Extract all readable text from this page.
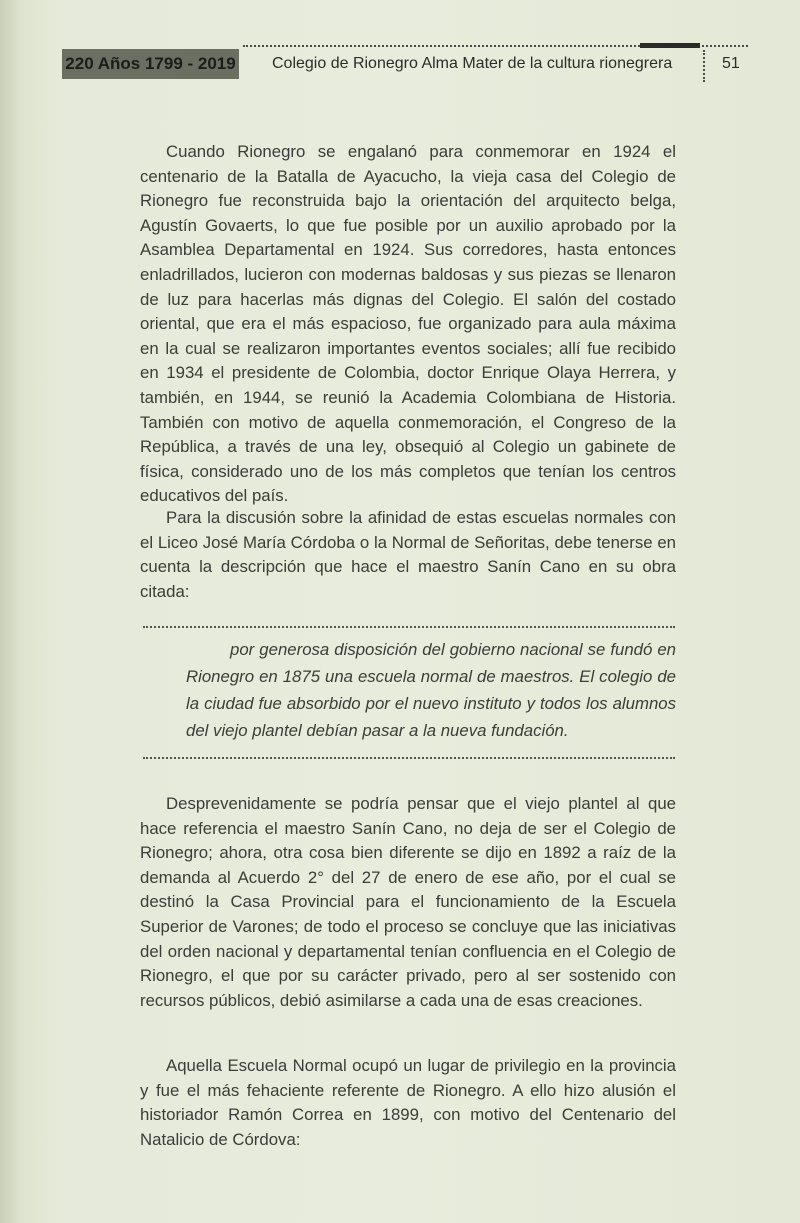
220 Años 1799 - 2019 Colegio de Rionegro Alma Mater de la cultura rionegrera	51

Cuando Rionegro se engalanó para conmemorar en 1924 el centenario de la Batalla de Ayacucho, la vieja casa del Colegio de Rionegro fue reconstruida bajo la orientación del arquitecto belga, Agustín Govaerts, lo que fue posible por un auxilio aprobado por la Asamblea Departamental en 1924. Sus corredores, hasta entonces enladrillados, lucieron con modernas baldosas y sus piezas se llenaron de luz para hacerlas más dignas del Colegio. El salón del costado oriental, que era el más espacioso, fue organizado para aula máxima en la cual se realizaron importantes eventos sociales; allí fue recibido en 1934 el presidente de Colombia, doctor Enrique Olaya Herrera, y también, en 1944, se reunió la Academia Colombiana de Historia. También con motivo de aquella conmemoración, el Congreso de la República, a través de una ley, obsequió al Colegio un gabinete de física, considerado uno de los más completos que tenían los centros educativos del país.

Para la discusión sobre la afinidad de estas escuelas normales con el Liceo José María Córdoba o la Normal de Señoritas, debe tenerse en cuenta la descripción que hace el maestro Sanín Cano en su obra citada:

por generosa disposición del gobierno nacional se fundó en Rionegro en 1875 una escuela normal de maestros. El colegio de la ciudad fue absorbido por el nuevo instituto y todos los alumnos del viejo plantel debían pasar a la nueva fundación.

Desprevenidamente se podría pensar que el viejo plantel al que hace referencia el maestro Sanín Cano, no deja de ser el Colegio de Rionegro; ahora, otra cosa bien diferente se dijo en 1892 a raíz de la demanda al Acuerdo 2° del 27 de enero de ese año, por el cual se destinó la Casa Provincial para el funcionamiento de la Escuela Superior de Varones; de todo el proceso se concluye que las iniciativas del orden nacional y departamental tenían confluencia en el Colegio de Rionegro, el que por su carácter privado, pero al ser sostenido con recursos públicos, debió asimilarse a cada una de esas creaciones.

Aquella Escuela Normal ocupó un lugar de privilegio en la provincia y fue el más fehaciente referente de Rionegro. A ello hizo alusión el historiador Ramón Correa en 1899, con motivo del Centenario del Natalicio de Córdova:
